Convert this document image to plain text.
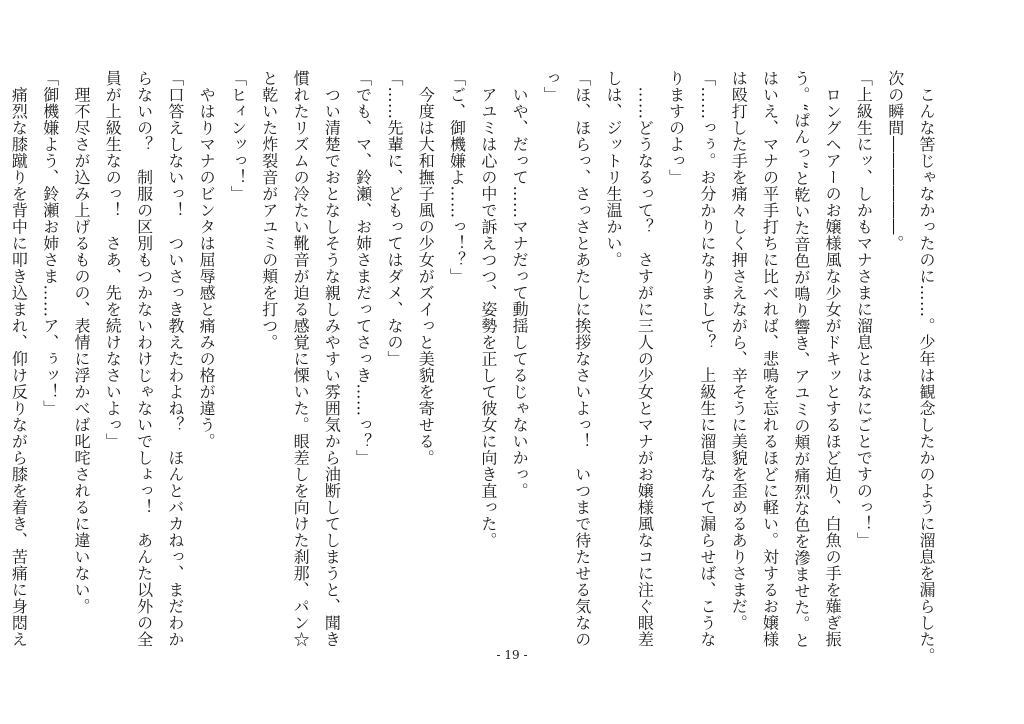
　こんな筈じゃなかったのに……。少年は観念したかのように溜息を漏らした。

次の瞬間――――――。

「上級生にッ、しかもマナさまに溜息とはなにごとですのっ！」

　ロングヘアーのお嬢様風な少女がドキッとするほど迫り、白魚の手を薙ぎ振

う。“ぱんっ”と乾いた音色が鳴り響き、アユミの頬が痛烈な色を滲ませた。と

はいえ、マナの平手打ちに比べれば、悲鳴を忘れるほどに軽い。対するお嬢様

は殴打した手を痛々しく押さえながら、辛そうに美貌を歪めるありさまだ。

「……っぅ。お分かりになりまして？　上級生に溜息なんて漏らせば、こうな

りますのよっ」

　……どうなるって？　さすがに三人の少女とマナがお嬢様風なコに注ぐ眼差

しは、ジットリ生温かい。

「ほ、ほらっ、さっさとあたしに挨拶なさいよっ！　いつまで待たせる気なの

っ」

　いや、だって……マナだって動揺してるじゃないかっ。

　アユミは心の中で訴えつつ、姿勢を正して彼女に向き直った。

「ご、御機嫌よ……っ！？」

　今度は大和撫子風の少女がズイっと美貌を寄せる。

「……先輩に、どもってはダメ、なの」

「でも、マ、鈴瀬、お姉さまだってさっき……っ？」

　つい清楚でおとなしそうな親しみやすい雰囲気から油断してしまうと、聞き

慣れたリズムの冷たい靴音が迫る感覚に慄いた。眼差しを向けた刹那、パン☆

と乾いた炸裂音がアユミの頬を打つ。

「ヒィンッっ！」

　やはりマナのビンタは屈辱感と痛みの格が違う。

「口答えしないっ！　ついさっき教えたわよね？　ほんとバカねっ、まだわか

らないの？　制服の区別もつかないわけじゃないでしょっ！　あんた以外の全

員が上級生なのっ！　さあ、先を続けなさいよっ」

　理不尽さが込み上げるものの、表情に浮かべば叱咤されるに違いない。

「御機嫌よう、鈴瀬お姉さま……ア、ぅッ！」

　痛烈な膝蹴りを背中に叩き込まれ、仰け反りながら膝を着き、苦痛に身悶え

- 19 -
